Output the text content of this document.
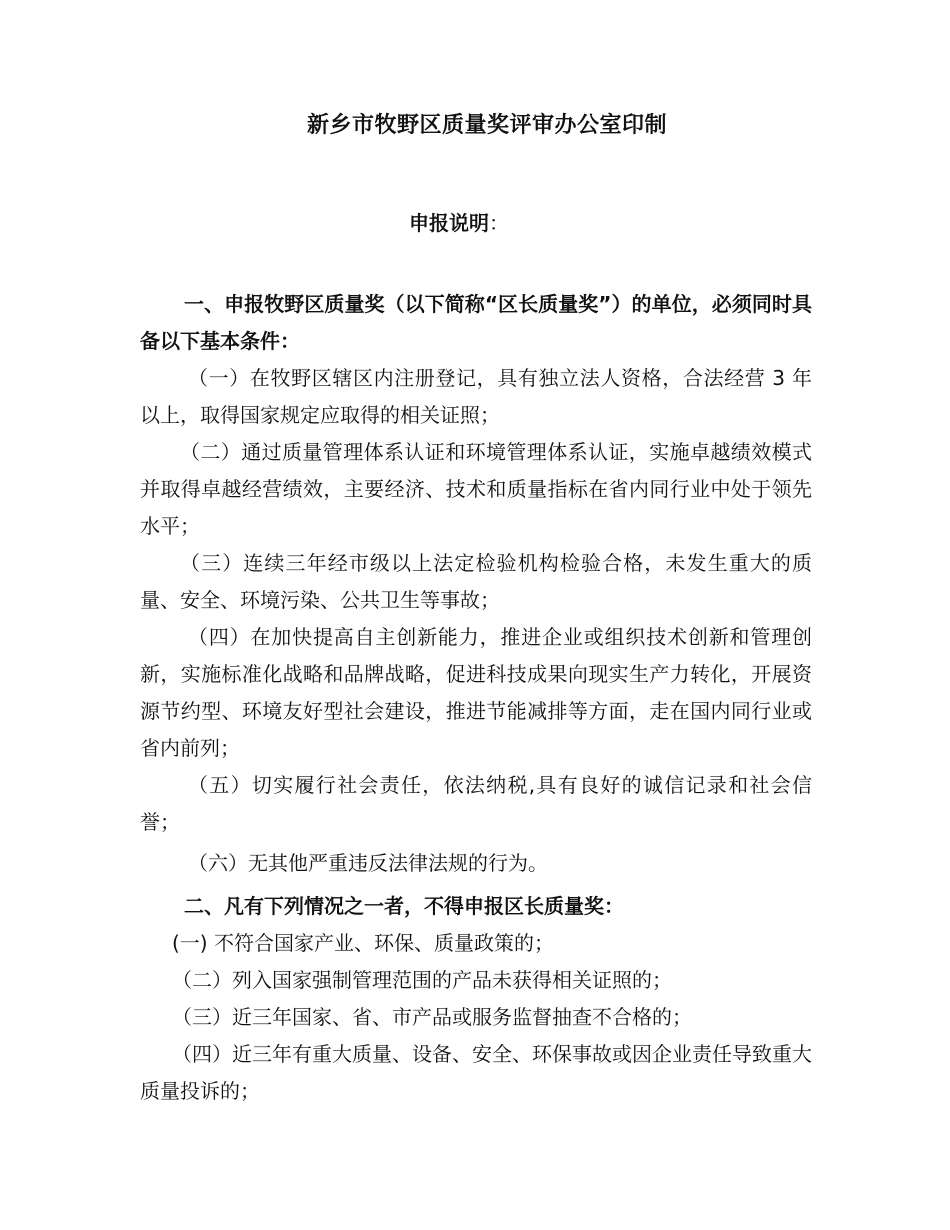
新乡市牧野区质量奖评审办公室印制
申报说明：

一、申报牧野区质量奖（以下简称“区长质量奖”）的单位，必须同时具备以下基本条件：

（一）在牧野区辖区内注册登记，具有独立法人资格，合法经营 3 年以上，取得国家规定应取得的相关证照；

（二）通过质量管理体系认证和环境管理体系认证，实施卓越绩效模式并取得卓越经营绩效，主要经济、技术和质量指标在省内同行业中处于领先水平；

（三）连续三年经市级以上法定检验机构检验合格，未发生重大的质量、安全、环境污染、公共卫生等事故；

（四）在加快提高自主创新能力，推进企业或组织技术创新和管理创新，实施标准化战略和品牌战略，促进科技成果向现实生产力转化，开展资源节约型、环境友好型社会建设，推进节能减排等方面，走在国内同行业或省内前列；

（五）切实履行社会责任，依法纳税,具有良好的诚信记录和社会信誉；

（六）无其他严重违反法律法规的行为。

二、凡有下列情况之一者，不得申报区长质量奖：

(一) 不符合国家产业、环保、质量政策的；

（二）列入国家强制管理范围的产品未获得相关证照的；

（三）近三年国家、省、市产品或服务监督抽查不合格的；

（四）近三年有重大质量、设备、安全、环保事故或因企业责任导致重大质量投诉的；
